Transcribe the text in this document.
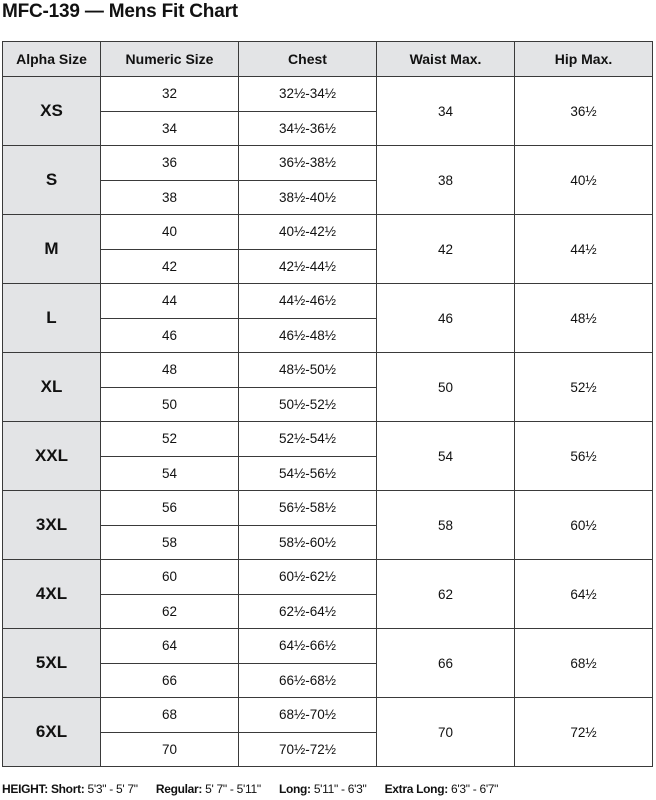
MFC-139 — Mens Fit Chart
Alpha Size	Numeric Size	Chest	Waist Max.	Hip Max.
XS	32	32½-34½	34	36½
	34	34½-36½		
S	36	36½-38½	38	40½
	38	38½-40½		
M	40	40½-42½	42	44½
	42	42½-44½		
L	44	44½-46½	46	48½
	46	46½-48½		
XL	48	48½-50½	50	52½
	50	50½-52½		
XXL	52	52½-54½	54	56½
	54	54½-56½		
3XL	56	56½-58½	58	60½
	58	58½-60½		
4XL	60	60½-62½	62	64½
	62	62½-64½		
5XL	64	64½-66½	66	68½
	66	66½-68½		
6XL	68	68½-70½	70	72½
	70	70½-72½		
HEIGHT: Short: 5'3" - 5' 7" Regular: 5' 7" - 5'11" Long: 5'11" - 6'3" Extra Long: 6'3" - 6'7"
